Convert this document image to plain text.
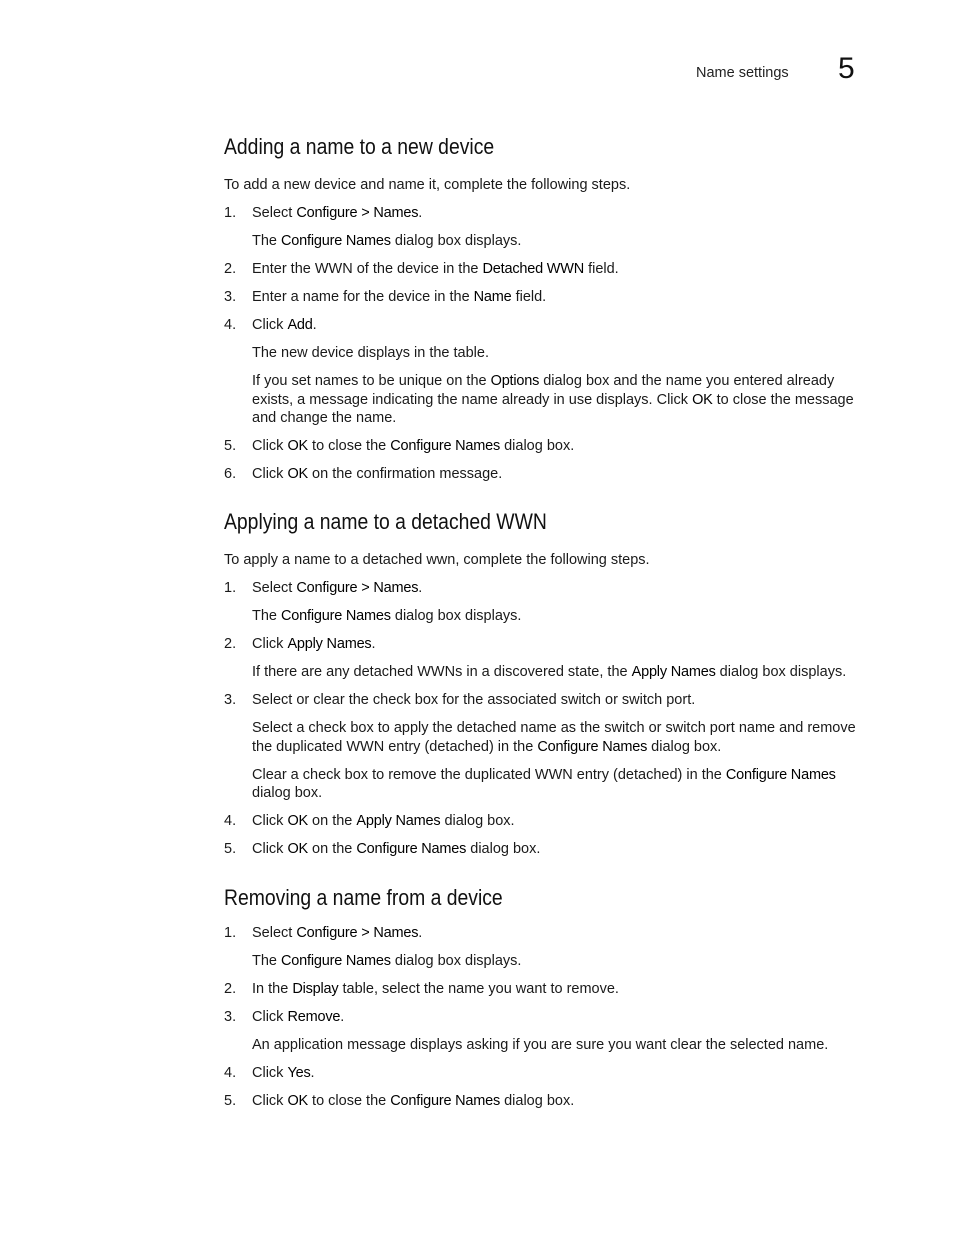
Name settings 5
Adding a name to a new device

To add a new device and name it, complete the following steps.

1. Select Configure > Names.

The Configure Names dialog box displays.

2. Enter the WWN of the device in the Detached WWN field.
3. Enter a name for the device in the Name field.
4. Click Add.

The new device displays in the table.

If you set names to be unique on the Options dialog box and the name you entered already exists, a message indicating the name already in use displays. Click OK to close the message and change the name.

5. Click OK to close the Configure Names dialog box.
6. Click OK on the confirmation message.
Applying a name to a detached WWN

To apply a name to a detached wwn, complete the following steps.

1. Select Configure > Names.

The Configure Names dialog box displays.

2. Click Apply Names.

If there are any detached WWNs in a discovered state, the Apply Names dialog box displays.

3. Select or clear the check box for the associated switch or switch port.

Select a check box to apply the detached name as the switch or switch port name and remove the duplicated WWN entry (detached) in the Configure Names dialog box.

Clear a check box to remove the duplicated WWN entry (detached) in the Configure Names dialog box.

4. Click OK on the Apply Names dialog box.
5. Click OK on the Configure Names dialog box.
Removing a name from a device
1. Select Configure > Names.

The Configure Names dialog box displays.

2. In the Display table, select the name you want to remove.
3. Click Remove.

An application message displays asking if you are sure you want clear the selected name.

4. Click Yes.
5. Click OK to close the Configure Names dialog box.
